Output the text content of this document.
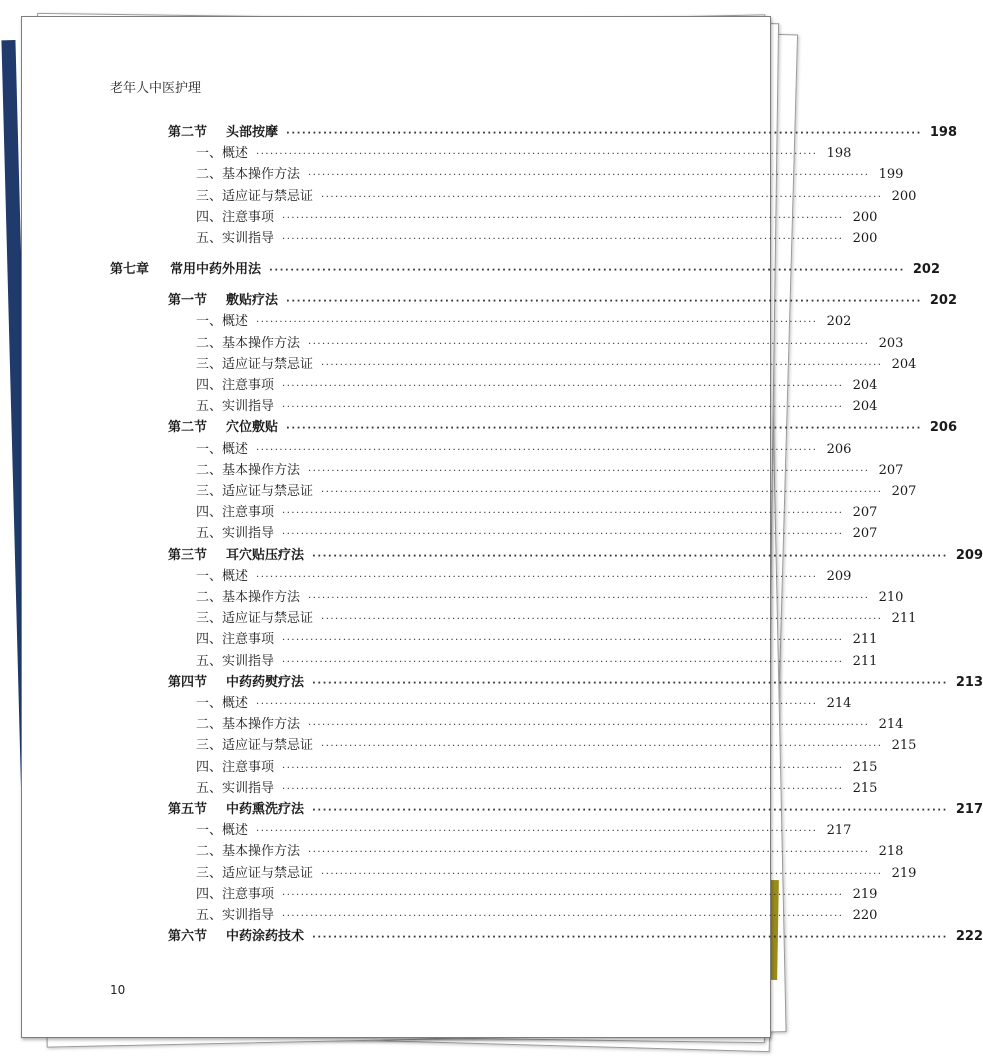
老年人中医护理
第二节	头部按摩 ························································································································ 198
一、概述 ························································································································ 198
二、基本操作方法 ························································································································ 199
三、适应证与禁忌证 ························································································································ 200
四、注意事项 ························································································································ 200
五、实训指导 ························································································································ 200
第七章	常用中药外用法 ························································································································ 202
第一节	敷贴疗法 ························································································································ 202
一、概述 ························································································································ 202
二、基本操作方法 ························································································································ 203
三、适应证与禁忌证 ························································································································ 204
四、注意事项 ························································································································ 204
五、实训指导 ························································································································ 204
第二节	穴位敷贴 ························································································································ 206
一、概述 ························································································································ 206
二、基本操作方法 ························································································································ 207
三、适应证与禁忌证 ························································································································ 207
四、注意事项 ························································································································ 207
五、实训指导 ························································································································ 207
第三节	耳穴贴压疗法 ························································································································ 209
一、概述 ························································································································ 209
二、基本操作方法 ························································································································ 210
三、适应证与禁忌证 ························································································································ 211
四、注意事项 ························································································································ 211
五、实训指导 ························································································································ 211
第四节	中药药熨疗法 ························································································································ 213
一、概述 ························································································································ 214
二、基本操作方法 ························································································································ 214
三、适应证与禁忌证 ························································································································ 215
四、注意事项 ························································································································ 215
五、实训指导 ························································································································ 215
第五节	中药熏洗疗法 ························································································································ 217
一、概述 ························································································································ 217
二、基本操作方法 ························································································································ 218
三、适应证与禁忌证 ························································································································ 219
四、注意事项 ························································································································ 219
五、实训指导 ························································································································ 220
第六节	中药涂药技术 ························································································································ 222
10
